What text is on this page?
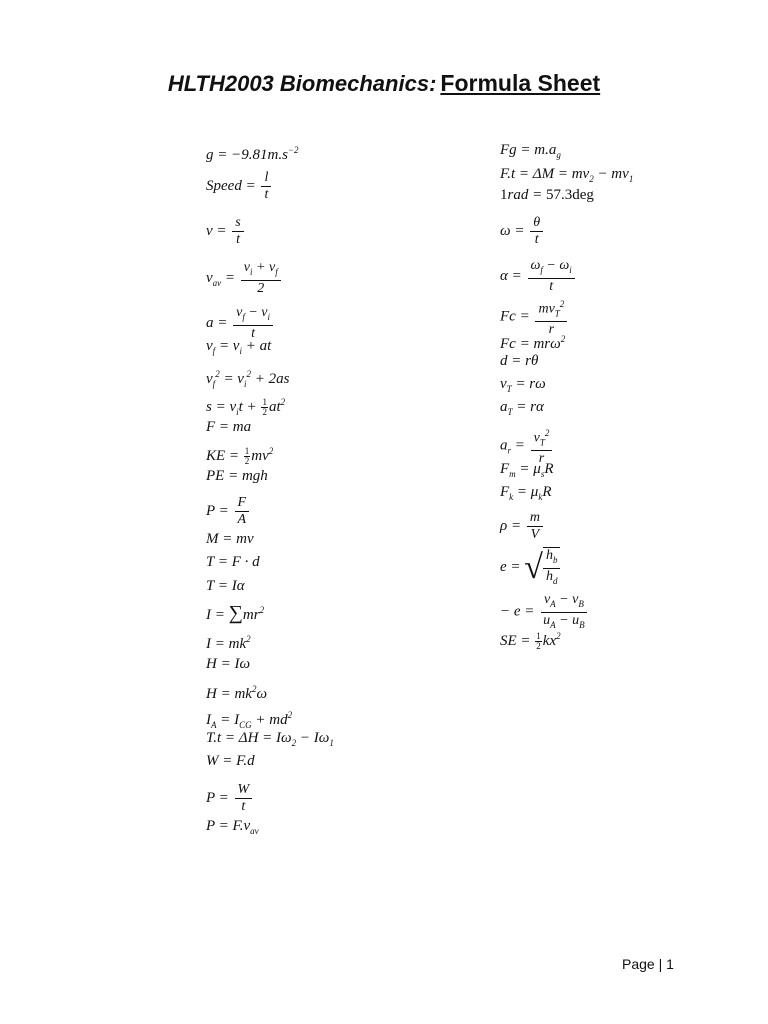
HLTH2003 Biomechanics: Formula Sheet
$g = -9.81m.s^{-2}$
Speed = $\frac{l}{t}$
$v = \frac{s}{t}$
$v_{av} = \frac{v_i + v_f}{2}$
$a = \frac{v_f - v_i}{t}$
$v_f = v_i$ + at
$v_f^2 = v_i^2 + 2as$
$s = v_it + \frac{1}{2} at^2$
F = ma
KE = $\frac{1}{2} mv^2$
PE = mgh
$P = \frac{F}{A}$
M = mv
T = F · d
T = Iα
$I = \sum mr^2$
$I = mk^2$
H = Iω
$H = mk^2\omega$
$I_A = I_{CG} + md^2$
$T.t = \Delta H = I\omega_2 - I\omega_1$
W = F.d
$P = \frac{W}{t}$
$P = F.v_{av}$
$Fg = m.a_g$
$F.t = \Delta M = mv_2 - mv_1$
1rad = 57.3deg
$\omega = \frac{\theta}{t}$
$\alpha = \frac{\omega_f - \omega_i}{t}$
$Fc = mv_T^2$
r
Fc = mrω$^2$
d = rθ
$v_T = r\omega$
$a_T = r\alpha$
$a_r = \frac{v_T^2}{r}$
$F_m = \mu_sR$
$F_k = \mu_kR$
$\rho = \frac{m}{V}$
e = √ $h_b$
$h_d$
− $e = \frac{v_A - v_B}{u_A - u_B}$
SE = $\frac{1}{2} kx^2$
Page | 1
